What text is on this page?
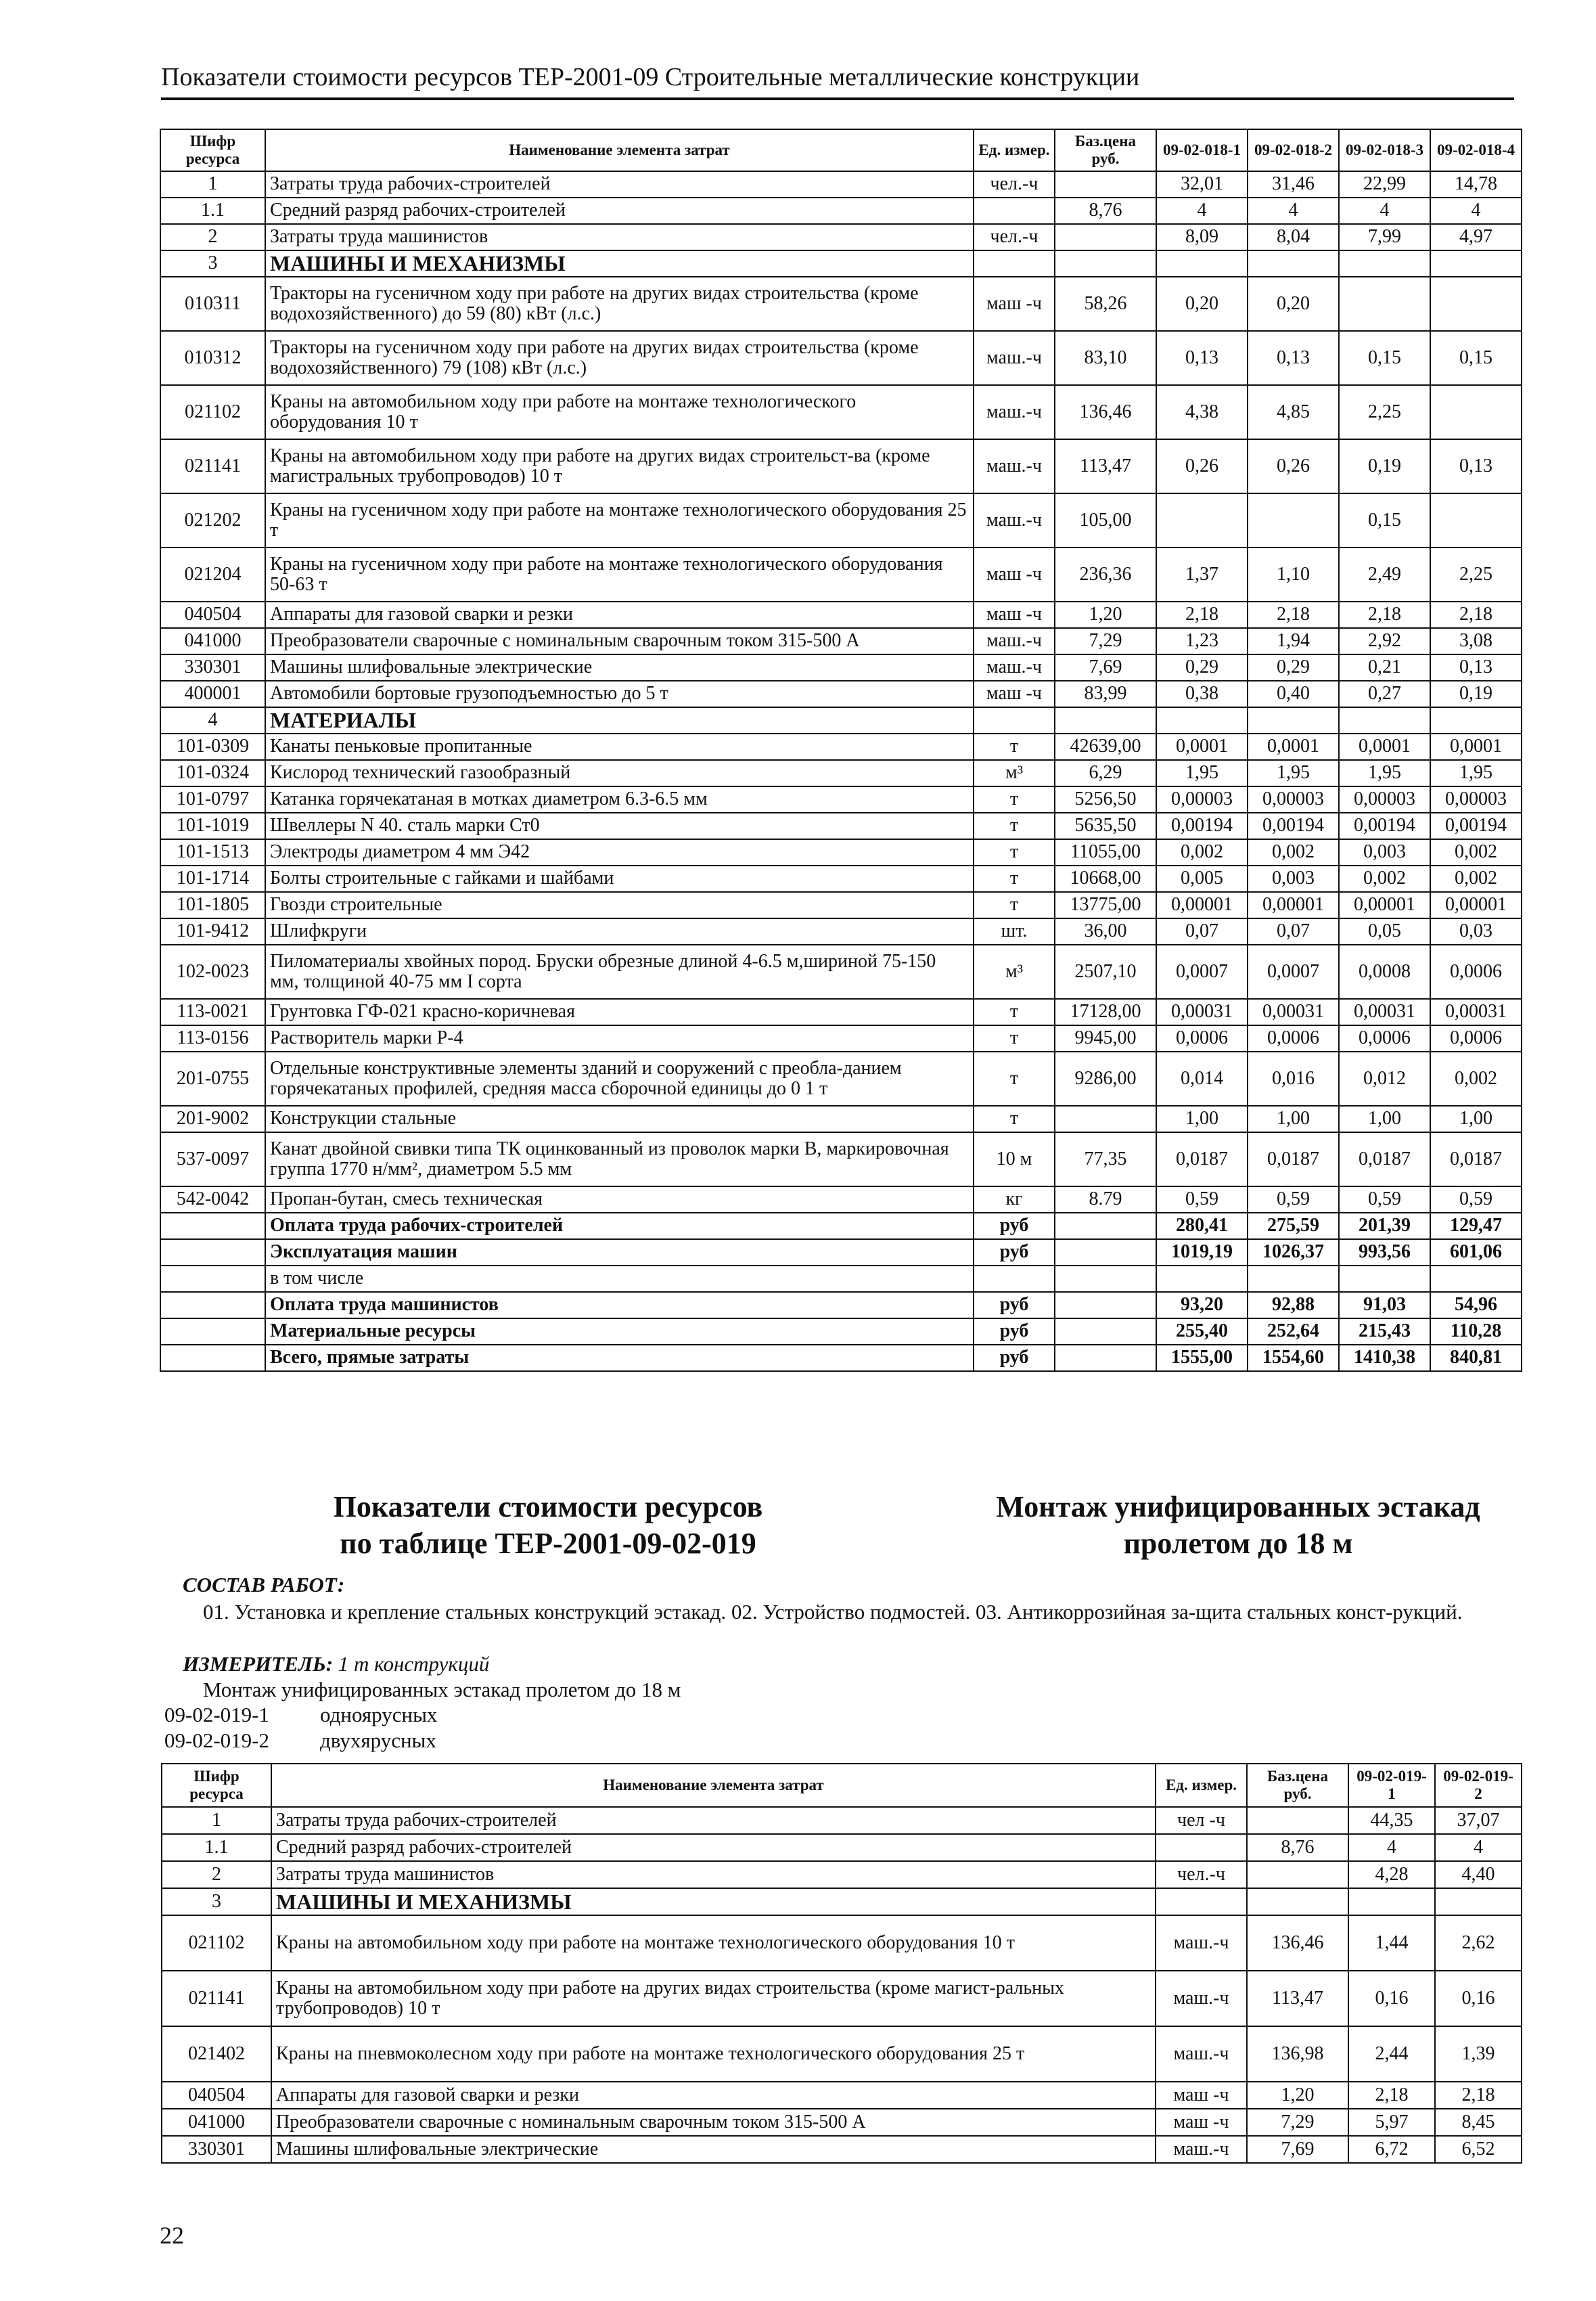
Показатели стоимости ресурсов ТЕР-2001-09 Строительные металлические конструкции
Шифр ресурса	Наименование элемента затрат	Ед. измер.	Баз.цена руб.	09-02-018-1	09-02-018-2	09-02-018-3	09-02-018-4
1	Затраты труда рабочих-строителей	чел.-ч		32,01	31,46	22,99	14,78
1.1	Средний разряд рабочих-строителей		8,76	4	4	4	4
2	Затраты труда машинистов	чел.-ч		8,09	8,04	7,99	4,97
3	МАШИНЫ И МЕХАНИЗМЫ						
010311	Тракторы на гусеничном ходу при работе на других видах строительства (кроме водохозяйственного) до 59 (80) кВт (л.с.)	маш -ч	58,26	0,20	0,20		
010312	Тракторы на гусеничном ходу при работе на других видах строительства (кроме водохозяйственного) 79 (108) кВт (л.с.)	маш.-ч	83,10	0,13	0,13	0,15	0,15
021102	Краны на автомобильном ходу при работе на монтаже технологического оборудования 10 т	маш.-ч	136,46	4,38	4,85	2,25	
021141	Краны на автомобильном ходу при работе на других видах строительст-ва (кроме магистральных трубопроводов) 10 т	маш.-ч	113,47	0,26	0,26	0,19	0,13
021202	Краны на гусеничном ходу при работе на монтаже технологического оборудования 25 т	маш.-ч	105,00			0,15	
021204	Краны на гусеничном ходу при работе на монтаже технологического оборудования 50-63 т	маш -ч	236,36	1,37	1,10	2,49	2,25
040504	Аппараты для газовой сварки и резки	маш -ч	1,20	2,18	2,18	2,18	2,18
041000	Преобразователи сварочные с номинальным сварочным током 315-500 А	маш.-ч	7,29	1,23	1,94	2,92	3,08
330301	Машины шлифовальные электрические	маш.-ч	7,69	0,29	0,29	0,21	0,13
400001	Автомобили бортовые грузоподъемностью до 5 т	маш -ч	83,99	0,38	0,40	0,27	0,19
4	МАТЕРИАЛЫ						
101-0309	Канаты пеньковые пропитанные	т	42639,00	0,0001	0,0001	0,0001	0,0001
101-0324	Кислород технический газообразный	м³	6,29	1,95	1,95	1,95	1,95
101-0797	Катанка горячекатаная в мотках диаметром 6.3-6.5 мм	т	5256,50	0,00003	0,00003	0,00003	0,00003
101-1019	Швеллеры N 40. сталь марки Ст0	т	5635,50	0,00194	0,00194	0,00194	0,00194
101-1513	Электроды диаметром 4 мм Э42	т	11055,00	0,002	0,002	0,003	0,002
101-1714	Болты строительные с гайками и шайбами	т	10668,00	0,005	0,003	0,002	0,002
101-1805	Гвозди строительные	т	13775,00	0,00001	0,00001	0,00001	0,00001
101-9412	Шлифкруги	шт.	36,00	0,07	0,07	0,05	0,03
102-0023	Пиломатериалы хвойных пород. Бруски обрезные длиной 4-6.5 м,шириной 75-150 мм, толщиной 40-75 мм I сорта	м³	2507,10	0,0007	0,0007	0,0008	0,0006
113-0021	Грунтовка ГФ-021 красно-коричневая	т	17128,00	0,00031	0,00031	0,00031	0,00031
113-0156	Растворитель марки Р-4	т	9945,00	0,0006	0,0006	0,0006	0,0006
201-0755	Отдельные конструктивные элементы зданий и сооружений с преобла-данием горячекатаных профилей, средняя масса сборочной единицы до 0 1 т	т	9286,00	0,014	0,016	0,012	0,002
201-9002	Конструкции стальные	т		1,00	1,00	1,00	1,00
537-0097	Канат двойной свивки типа ТК оцинкованный из проволок марки В, маркировочная группа 1770 н/мм², диаметром 5.5 мм	10 м	77,35	0,0187	0,0187	0,0187	0,0187
542-0042	Пропан-бутан, смесь техническая	кг	8.79	0,59	0,59	0,59	0,59
	Оплата труда рабочих-строителей	руб		280,41	275,59	201,39	129,47
	Эксплуатация машин	руб		1019,19	1026,37	993,56	601,06
	в том числе						
	Оплата труда машинистов	руб		93,20	92,88	91,03	54,96
	Материальные ресурсы	руб		255,40	252,64	215,43	110,28
	Всего, прямые затраты	руб		1555,00	1554,60	1410,38	840,81
Показатели стоимости ресурсов
по таблице ТЕР-2001-09-02-019
Монтаж унифицированных эстакад
пролетом до 18 м
СОСТАВ РАБОТ:
01. Установка и крепление стальных конструкций эстакад. 02. Устройство подмостей. 03. Антикоррозийная за-щита стальных конст-рукций.
ИЗМЕРИТЕЛЬ: 1 т конструкций
Монтаж унифицированных эстакад пролетом до 18 м
09-02-019-1 одноярусных
09-02-019-2 двухярусных
Шифр ресурса	Наименование элемента затрат	Ед. измер.	Баз.цена руб.	09-02-019-1	09-02-019-2
1	Затраты труда рабочих-строителей	чел -ч		44,35	37,07
1.1	Средний разряд рабочих-строителей		8,76	4	4
2	Затраты труда машинистов	чел.-ч		4,28	4,40
3	МАШИНЫ И МЕХАНИЗМЫ				
021102	Краны на автомобильном ходу при работе на монтаже технологического оборудования 10 т	маш.-ч	136,46	1,44	2,62
021141	Краны на автомобильном ходу при работе на других видах строительства (кроме магист-ральных трубопроводов) 10 т	маш.-ч	113,47	0,16	0,16
021402	Краны на пневмоколесном ходу при работе на монтаже технологического оборудования 25 т	маш.-ч	136,98	2,44	1,39
040504	Аппараты для газовой сварки и резки	маш -ч	1,20	2,18	2,18
041000	Преобразователи сварочные с номинальным сварочным током 315-500 А	маш -ч	7,29	5,97	8,45
330301	Машины шлифовальные электрические	маш.-ч	7,69	6,72	6,52
22
